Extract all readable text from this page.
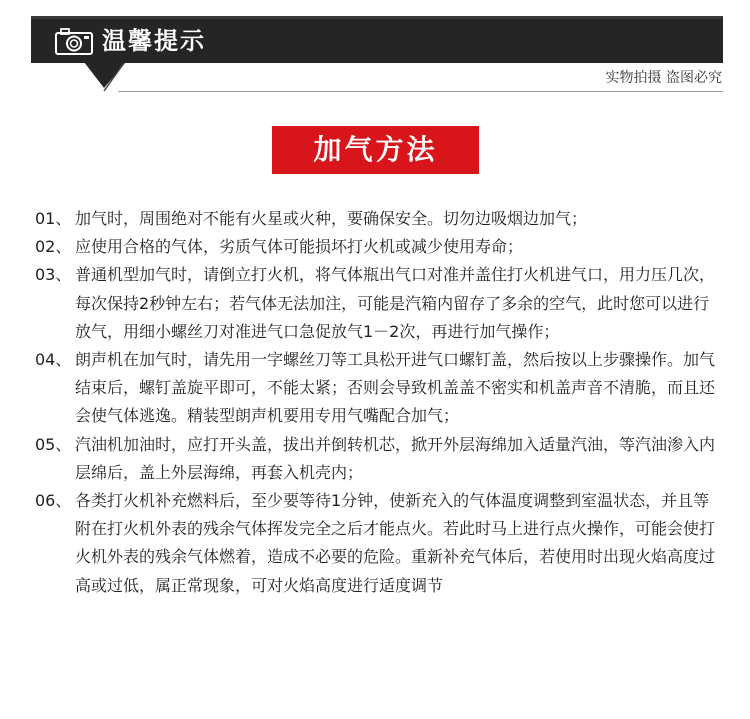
温馨提示
实物拍摄 盗图必究
加气方法
01、 加气时，周围绝对不能有火星或火种，要确保安全。切勿边吸烟边加气；
02、 应使用合格的气体，劣质气体可能损坏打火机或减少使用寿命；
03、 普通机型加气时，请倒立打火机，将气体瓶出气口对准并盖住打火机进气口，用力压几次，每次保持2秒钟左右；若气体无法加注，可能是汽箱内留存了多余的空气，此时您可以进行放气，用细小螺丝刀对准进气口急促放气1－2次，再进行加气操作；
04、 朗声机在加气时，请先用一字螺丝刀等工具松开进气口螺钉盖，然后按以上步骤操作。加气结束后，螺钉盖旋平即可，不能太紧；否则会导致机盖盖不密实和机盖声音不清脆，而且还会使气体逃逸。精装型朗声机要用专用气嘴配合加气；
05、 汽油机加油时，应打开头盖，拔出并倒转机芯，掀开外层海绵加入适量汽油，等汽油渗入内层绵后，盖上外层海绵，再套入机壳内；
06、 各类打火机补充燃料后，至少要等待1分钟，使新充入的气体温度调整到室温状态，并且等附在打火机外表的残余气体挥发完全之后才能点火。若此时马上进行点火操作，可能会使打火机外表的残余气体燃着，造成不必要的危险。重新补充气体后，若使用时出现火焰高度过高或过低，属正常现象，可对火焰高度进行适度调节
